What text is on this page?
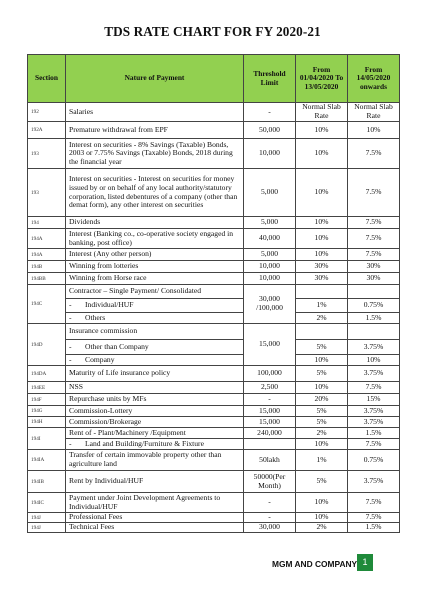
TDS RATE CHART FOR FY 2020-21
Section	Nature of Payment	Threshold Limit	From 01/04/2020 To 13/05/2020	From 14/05/2020 onwards
192	Salaries	-	Normal Slab Rate	Normal Slab Rate
192A	Premature withdrawal from EPF	50,000	10%	10%
193	Interest on securities - 8% Savings (Taxable) Bonds, 2003 or 7.75% Savings (Taxable) Bonds, 2018 during the financial year	10,000	10%	7.5%
193	Interest on securities - Interest on securities for money issued by or on behalf of any local authority/statutory corporation, listed debentures of a company (other than demat form), any other interest on securities	5,000	10%	7.5%
194	Dividends	5,000	10%	7.5%
194A	Interest (Banking co., co-operative society engaged in banking, post office)	40,000	10%	7.5%
194A	Interest (Any other person)	5,000	10%	7.5%
194B	Winning from lotteries	10,000	30%	30%
194BB	Winning from Horse race	10,000	30%	30%
194C	Contractor – Single Payment/ Consolidated	30,000 /100,000		
	- Individual/HUF		1%	0.75%
	- Others		2%	1.5%
194D	Insurance commission	15,000		
	- Other than Company		5%	3.75%
	- Company		10%	10%
194DA	Maturity of Life insurance policy	100,000	5%	3.75%
194EE	NSS	2,500	10%	7.5%
194F	Repurchase units by MFs	-	20%	15%
194G	Commission-Lottery	15,000	5%	3.75%
194H	Commission/Brokerage	15,000	5%	3.75%
194I	Rent of - Plant/Machinery /Equipment	240,000	2%	1.5%
	- Land and Building/Furniture & Fixture		10%	7.5%
194IA	Transfer of certain immovable property other than agriculture land	50lakh	1%	0.75%
194IB	Rent by Individual/HUF	50000(Per Month)	5%	3.75%
194IC	Payment under Joint Development Agreements to Individual/HUF	-	10%	7.5%
194J	Professional Fees	-	10%	7.5%
194J	Technical Fees	30,000	2%	1.5%
MGM AND COMPANY 1
